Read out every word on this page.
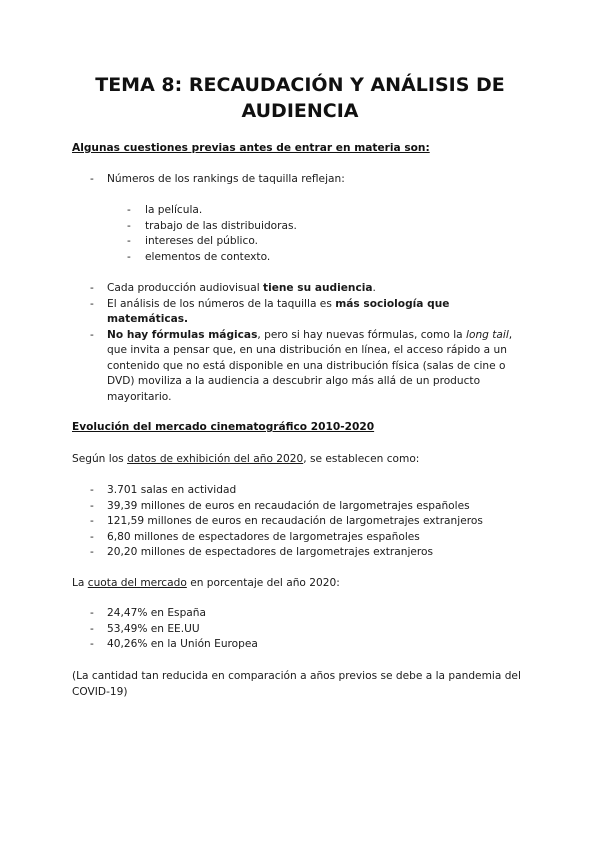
TEMA 8: RECAUDACIÓN Y ANÁLISIS DE AUDIENCIA
Algunas cuestiones previas antes de entrar en materia son:
- Números de los rankings de taquilla reflejan:
- la película.
- trabajo de las distribuidoras.
- intereses del público.
- elementos de contexto.
- Cada producción audiovisual tiene su audiencia.
- El análisis de los números de la taquilla es más sociología que matemáticas.
- No hay fórmulas mágicas, pero si hay nuevas fórmulas, como la long tail, que invita a pensar que, en una distribución en línea, el acceso rápido a un contenido que no está disponible en una distribución física (salas de cine o DVD) moviliza a la audiencia a descubrir algo más allá de un producto mayoritario.
Evolución del mercado cinematográfico 2010-2020
Según los datos de exhibición del año 2020, se establecen como:
- 3.701 salas en actividad
- 39,39 millones de euros en recaudación de largometrajes españoles
- 121,59 millones de euros en recaudación de largometrajes extranjeros
- 6,80 millones de espectadores de largometrajes españoles
- 20,20 millones de espectadores de largometrajes extranjeros
La cuota del mercado en porcentaje del año 2020:
- 24,47% en España
- 53,49% en EE.UU
- 40,26% en la Unión Europea
(La cantidad tan reducida en comparación a años previos se debe a la pandemia del COVID-19)
